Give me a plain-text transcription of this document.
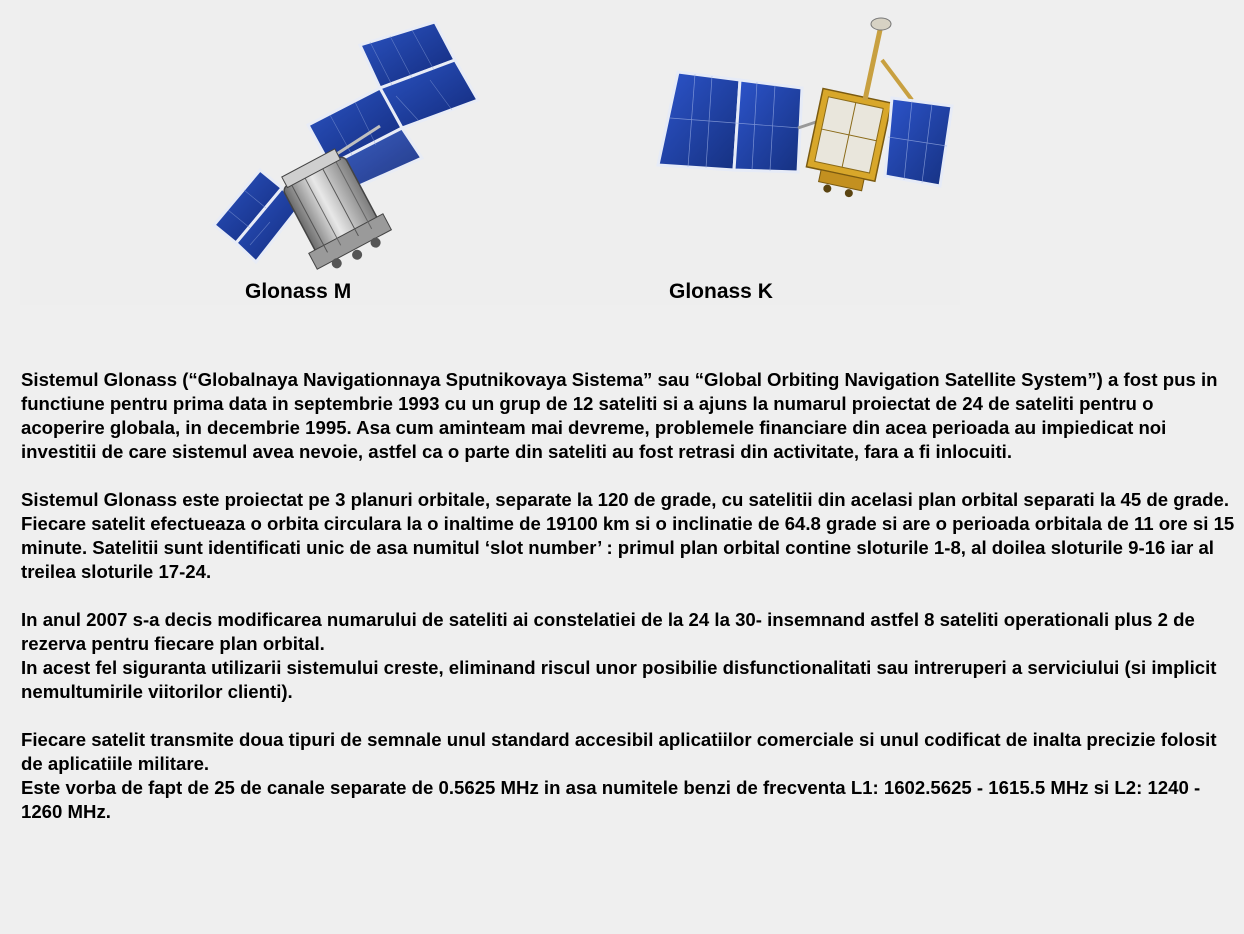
Glonass M	Glonass K

Sistemul Glonass (“Globalnaya Navigationnaya Sputnikovaya Sistema” sau “Global Orbiting Navigation Satellite System”) a fost pus in functiune pentru prima data in septembrie 1993 cu un grup de 12 sateliti si a ajuns la numarul proiectat de 24 de sateliti pentru o acoperire globala, in decembrie 1995. Asa cum aminteam mai devreme, problemele financiare din acea perioada au impiedicat noi investitii de care sistemul avea nevoie, astfel ca o parte din sateliti au fost retrasi din activitate, fara a fi inlocuiti.

Sistemul Glonass este proiectat pe 3 planuri orbitale, separate la 120 de grade, cu satelitii din acelasi plan orbital separati la 45 de grade. Fiecare satelit efectueaza o orbita circulara la o inaltime de 19100 km si o inclinatie de 64.8 grade si are o perioada orbitala de 11 ore si 15 minute. Satelitii sunt identificati unic de asa numitul ‘slot number’ : primul plan orbital contine sloturile 1-8, al doilea sloturile 9-16 iar al treilea sloturile 17-24.

In anul 2007 s-a decis modificarea numarului de sateliti ai constelatiei de la 24 la 30- insemnand astfel 8 sateliti operationali plus 2 de rezerva pentru fiecare plan orbital.

In acest fel siguranta utilizarii sistemului creste, eliminand riscul unor posibilie disfunctionalitati sau intreruperi a serviciului (si implicit nemultumirile viitorilor clienti).

Fiecare satelit transmite doua tipuri de semnale unul standard accesibil aplicatiilor comerciale si unul codificat de inalta precizie folosit de aplicatiile militare.

Este vorba de fapt de 25 de canale separate de 0.5625 MHz in asa numitele benzi de frecventa L1: 1602.5625 - 1615.5 MHz si L2: 1240 - 1260 MHz.
